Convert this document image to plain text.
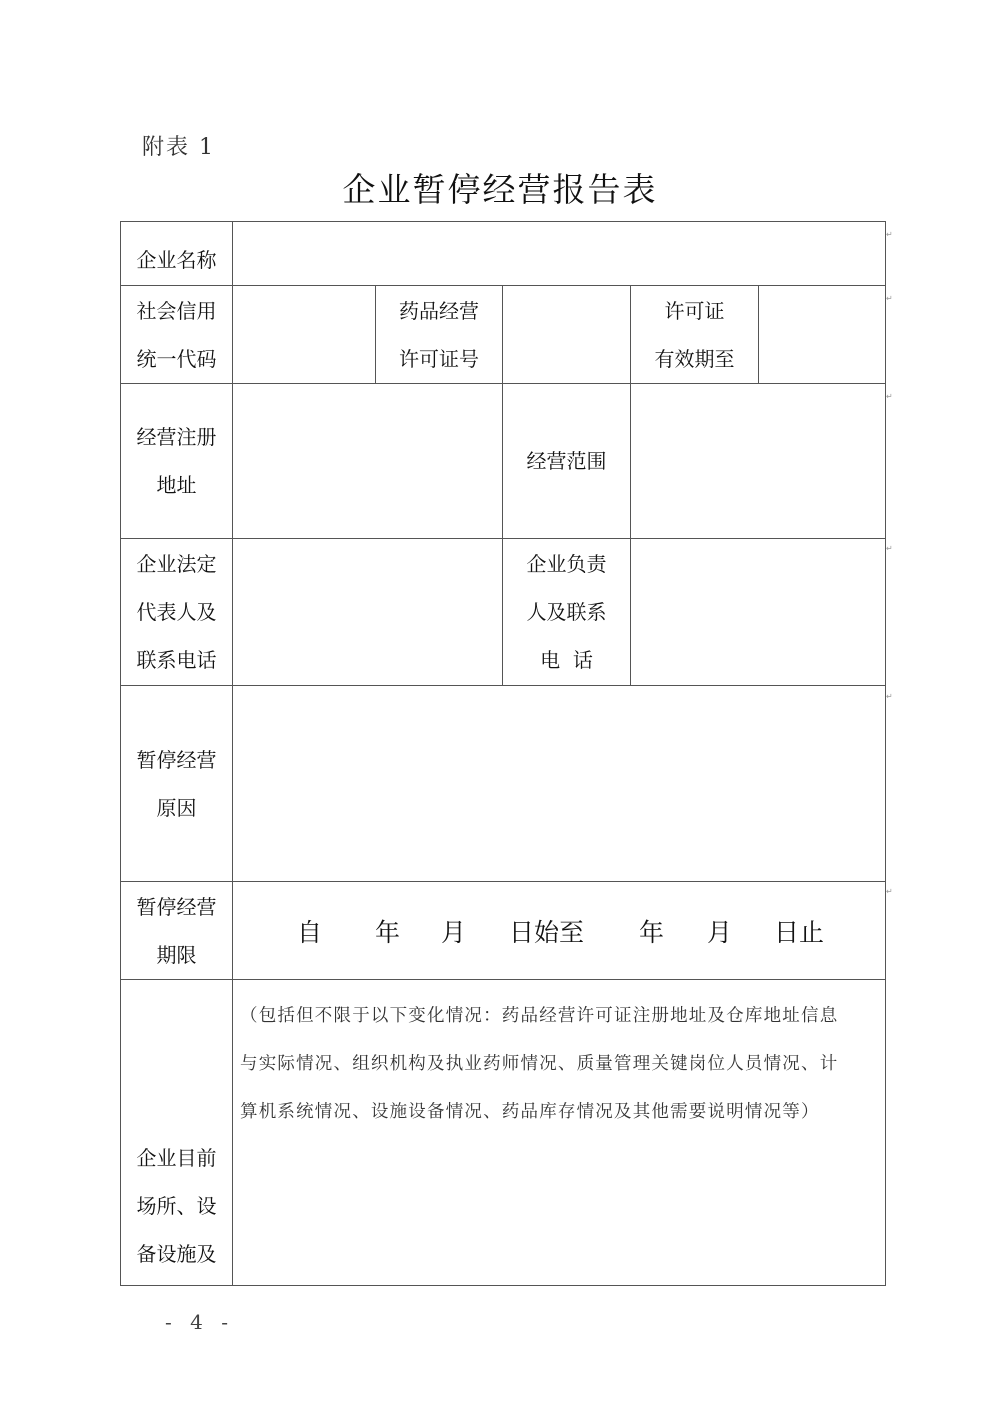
附表 1
企业暂停经营报告表
↵
↵
↵
↵
↵
↵
企业名称
社会信用
统一代码
药品经营
许可证号
许可证
有效期至
经营注册
地址
经营范围
企业法定
代表人及
联系电话
企业负责
人及联系
电  话
暂停经营
原因
暂停经营
期限
自 年 月 日始至 年 月 日止
企业目前
场所、设
备设施及
（包括但不限于以下变化情况：药品经营许可证注册地址及仓库地址信息
与实际情况、组织机构及执业药师情况、质量管理关键岗位人员情况、计
算机系统情况、设施设备情况、药品库存情况及其他需要说明情况等）
- 4 -
